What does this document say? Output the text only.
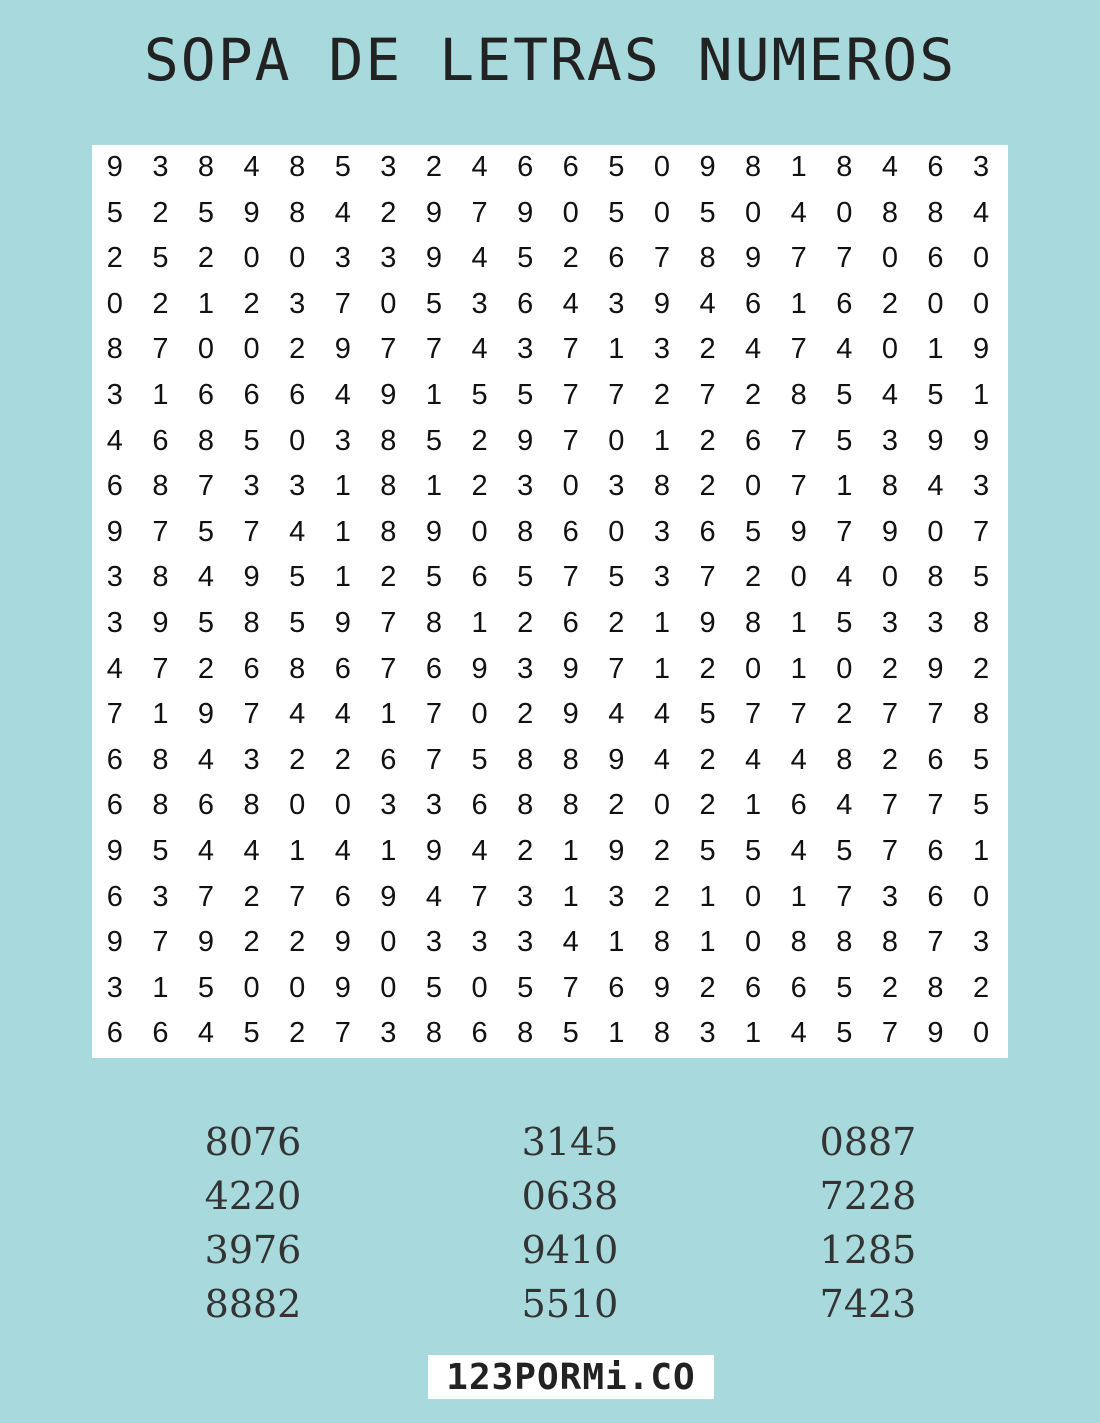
SOPA DE LETRAS NUMEROS
9	3	8	4	8	5	3	2	4	6	6	5	0	9	8	1	8	4	6	3
5	2	5	9	8	4	2	9	7	9	0	5	0	5	0	4	0	8	8	4
2	5	2	0	0	3	3	9	4	5	2	6	7	8	9	7	7	0	6	0
0	2	1	2	3	7	0	5	3	6	4	3	9	4	6	1	6	2	0	0
8	7	0	0	2	9	7	7	4	3	7	1	3	2	4	7	4	0	1	9
3	1	6	6	6	4	9	1	5	5	7	7	2	7	2	8	5	4	5	1
4	6	8	5	0	3	8	5	2	9	7	0	1	2	6	7	5	3	9	9
6	8	7	3	3	1	8	1	2	3	0	3	8	2	0	7	1	8	4	3
9	7	5	7	4	1	8	9	0	8	6	0	3	6	5	9	7	9	0	7
3	8	4	9	5	1	2	5	6	5	7	5	3	7	2	0	4	0	8	5
3	9	5	8	5	9	7	8	1	2	6	2	1	9	8	1	5	3	3	8
4	7	2	6	8	6	7	6	9	3	9	7	1	2	0	1	0	2	9	2
7	1	9	7	4	4	1	7	0	2	9	4	4	5	7	7	2	7	7	8
6	8	4	3	2	2	6	7	5	8	8	9	4	2	4	4	8	2	6	5
6	8	6	8	0	0	3	3	6	8	8	2	0	2	1	6	4	7	7	5
9	5	4	4	1	4	1	9	4	2	1	9	2	5	5	4	5	7	6	1
6	3	7	2	7	6	9	4	7	3	1	3	2	1	0	1	7	3	6	0
9	7	9	2	2	9	0	3	3	3	4	1	8	1	0	8	8	8	7	3
3	1	5	0	0	9	0	5	0	5	7	6	9	2	6	6	5	2	8	2
6	6	4	5	2	7	3	8	6	8	5	1	8	3	1	4	5	7	9	0
8076
4220
3976
8882
3145
0638
9410
5510
0887
7228
1285
7423
123PORMi.CO
